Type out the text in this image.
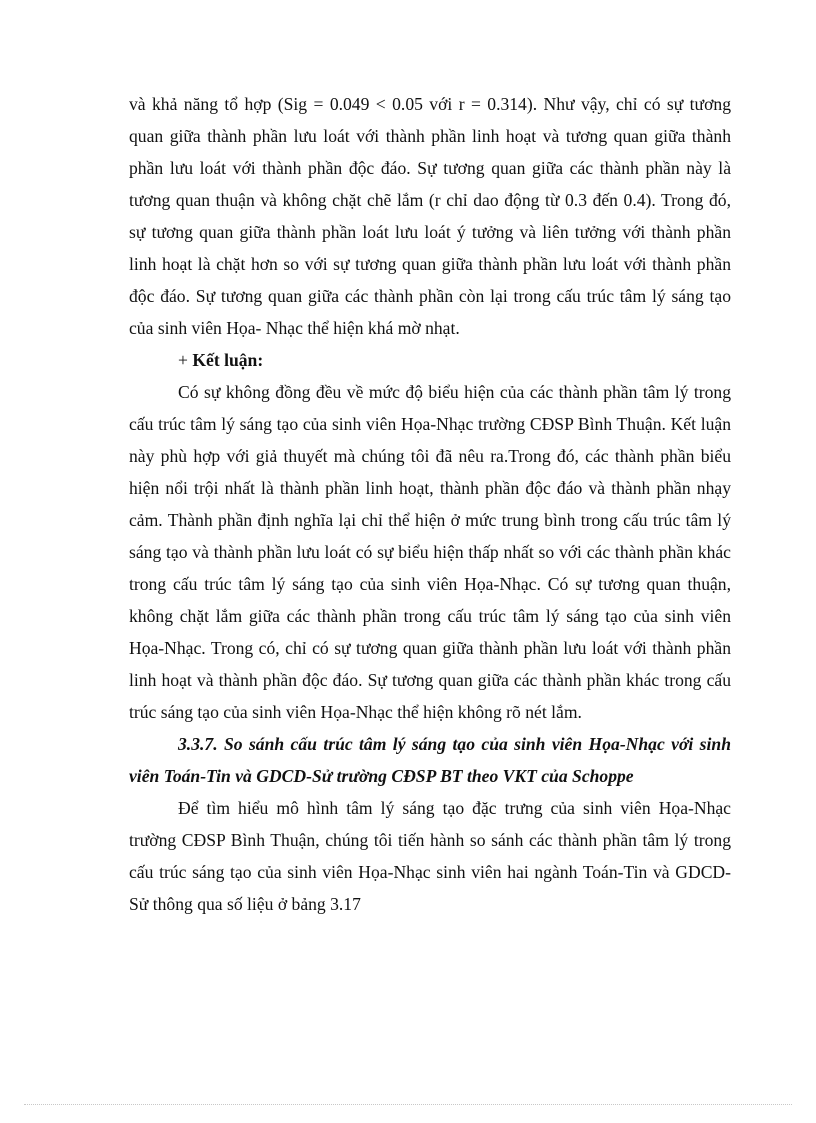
và khả năng tổ hợp (Sig = 0.049 < 0.05 với r = 0.314). Như vậy, chỉ có sự tương quan giữa thành phần lưu loát với thành phần linh hoạt và tương quan giữa thành phần lưu loát với thành phần độc đáo. Sự tương quan giữa các thành phần này là tương quan thuận và không chặt chẽ lắm (r chỉ dao động từ 0.3 đến 0.4). Trong đó, sự tương quan giữa thành phần loát lưu loát ý tưởng và liên tưởng với thành phần linh hoạt là chặt hơn so với sự tương quan giữa thành phần lưu loát với thành phần độc đáo. Sự tương quan giữa các thành phần còn lại trong cấu trúc tâm lý sáng tạo của sinh viên Họa- Nhạc thể hiện khá mờ nhạt.

+ Kết luận:

Có sự không đồng đều về mức độ biểu hiện của các thành phần tâm lý trong cấu trúc tâm lý sáng tạo của sinh viên Họa-Nhạc trường CĐSP Bình Thuận. Kết luận này phù hợp với giả thuyết mà chúng tôi đã nêu ra.Trong đó, các thành phần biểu hiện nổi trội nhất là thành phần linh hoạt, thành phần độc đáo và thành phần nhạy cảm. Thành phần định nghĩa lại chỉ thể hiện ở mức trung bình trong cấu trúc tâm lý sáng tạo và thành phần lưu loát có sự biểu hiện thấp nhất so với các thành phần khác trong cấu trúc tâm lý sáng tạo của sinh viên Họa-Nhạc. Có sự tương quan thuận, không chặt lắm giữa các thành phần trong cấu trúc tâm lý sáng tạo của sinh viên Họa-Nhạc. Trong có, chỉ có sự tương quan giữa thành phần lưu loát với thành phần linh hoạt và thành phần độc đáo. Sự tương quan giữa các thành phần khác trong cấu trúc sáng tạo của sinh viên Họa-Nhạc thể hiện không rõ nét lắm.

3.3.7. So sánh cấu trúc tâm lý sáng tạo của sinh viên Họa-Nhạc với sinh viên Toán-Tin và GDCD-Sử trường CĐSP BT theo VKT của Schoppe

Để tìm hiểu mô hình tâm lý sáng tạo đặc trưng của sinh viên Họa-Nhạc trường CĐSP Bình Thuận, chúng tôi tiến hành so sánh các thành phần tâm lý trong cấu trúc sáng tạo của sinh viên Họa-Nhạc sinh viên hai ngành Toán-Tin và GDCD-Sử thông qua số liệu ở bảng 3.17
